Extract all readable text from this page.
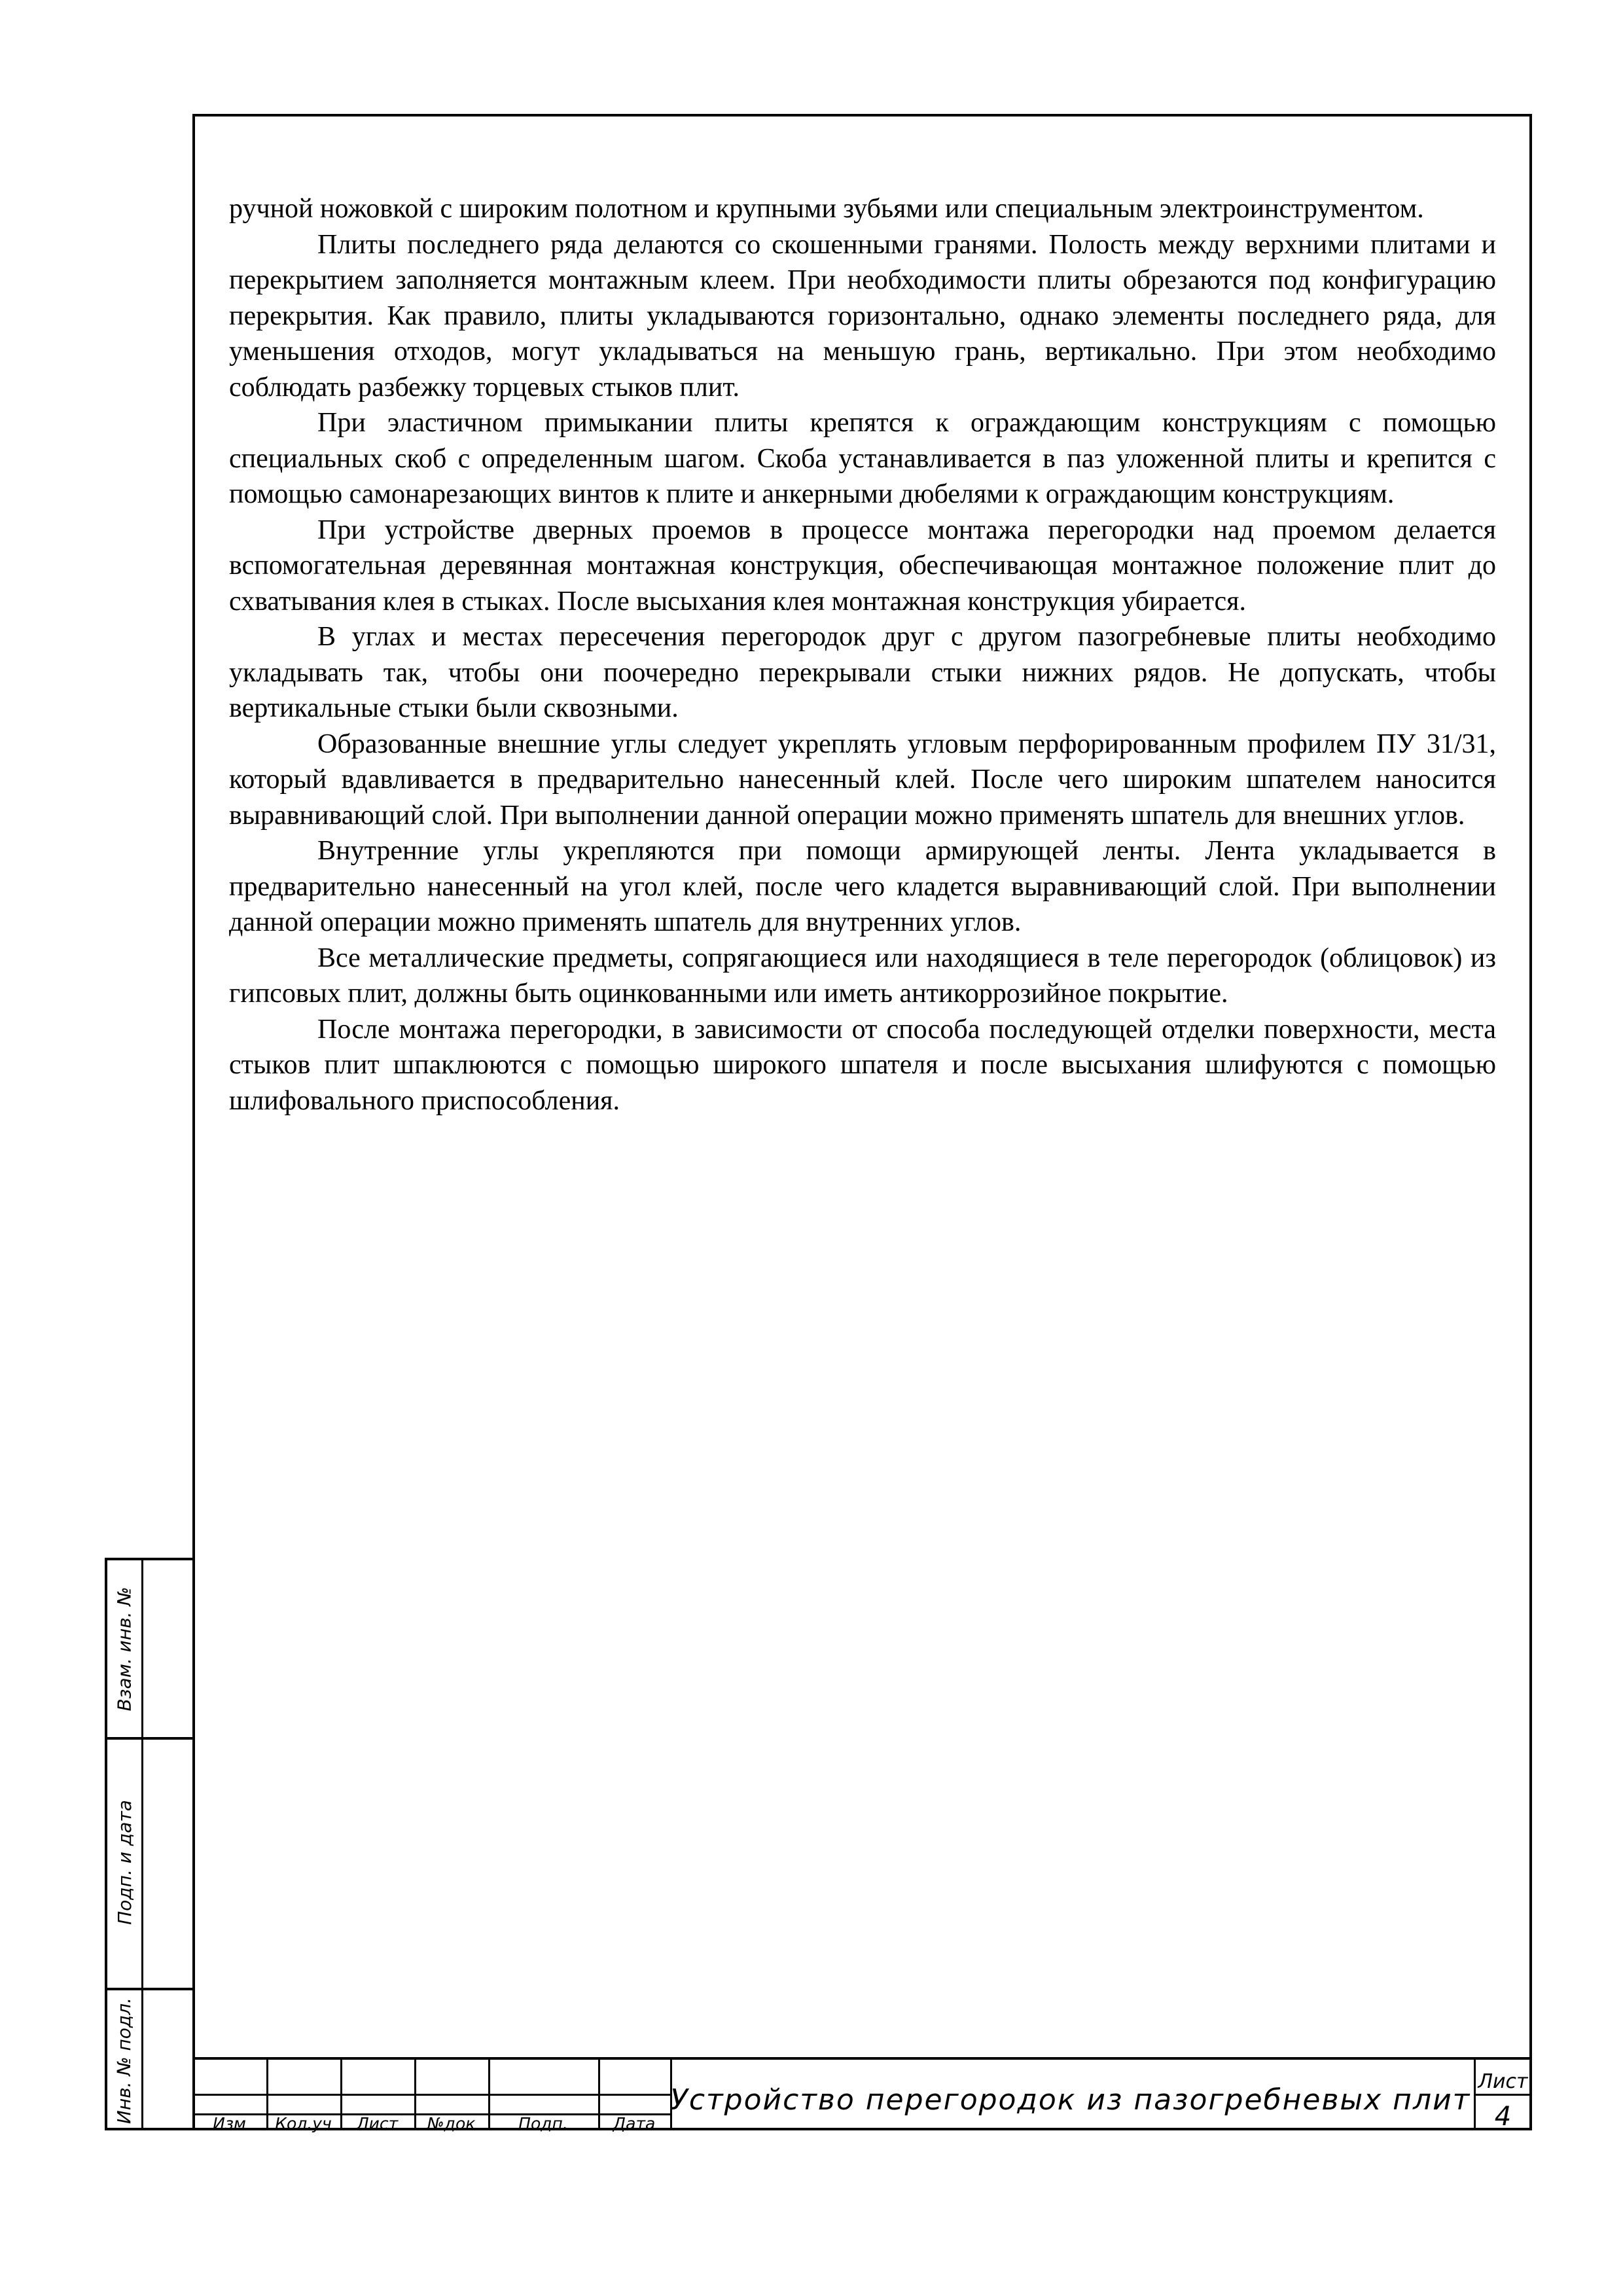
ручной ножовкой с широким полотном и крупными зубьями или специальным электроинструментом.

Плиты последнего ряда делаются со скошенными гранями. Полость между верхними плитами и перекрытием заполняется монтажным клеем. При необходимости плиты обрезаются под конфигурацию перекрытия. Как правило, плиты укладываются горизонтально, однако элементы последнего ряда, для уменьшения отходов, могут укладываться на меньшую грань, вертикально. При этом необходимо соблюдать разбежку торцевых стыков плит.

При эластичном примыкании плиты крепятся к ограждающим конструкциям с помощью специальных скоб с определенным шагом. Скоба устанавливается в паз уложенной плиты и крепится с помощью самонарезающих винтов к плите и анкерными дюбелями к ограждающим конструкциям.

При устройстве дверных проемов в процессе монтажа перегородки над проемом делается вспомогательная деревянная монтажная конструкция, обеспечивающая монтажное положение плит до схватывания клея в стыках. После высыхания клея монтажная конструкция убирается.

В углах и местах пересечения перегородок друг с другом пазогребневые плиты необходимо укладывать так, чтобы они поочередно перекрывали стыки нижних рядов. Не допускать, чтобы вертикальные стыки были сквозными.

Образованные внешние углы следует укреплять угловым перфорированным профилем ПУ 31/31, который вдавливается в предварительно нанесенный клей. После чего широким шпателем наносится выравнивающий слой. При выполнении данной операции можно применять шпатель для внешних углов.

Внутренние углы укрепляются при помощи армирующей ленты. Лента укладывается в предварительно нанесенный на угол клей, после чего кладется выравнивающий слой. При выполнении данной операции можно применять шпатель для внутренних углов.

Все металлические предметы, сопрягающиеся или находящиеся в теле перегородок (облицовок) из гипсовых плит, должны быть оцинкованными или иметь антикоррозийное покрытие.

После монтажа перегородки, в зависимости от способа последующей отделки поверхности, места стыков плит шпаклюются с помощью широкого шпателя и после высыхания шлифуются с помощью шлифовального приспособления.

Взам. инв. №
Подп. и дата
Инв. № подл.	Изм	Кол.уч	Лист	№док	Подп.	Дата
Устройство перегородок из пазогребневых плит
Лист
4
